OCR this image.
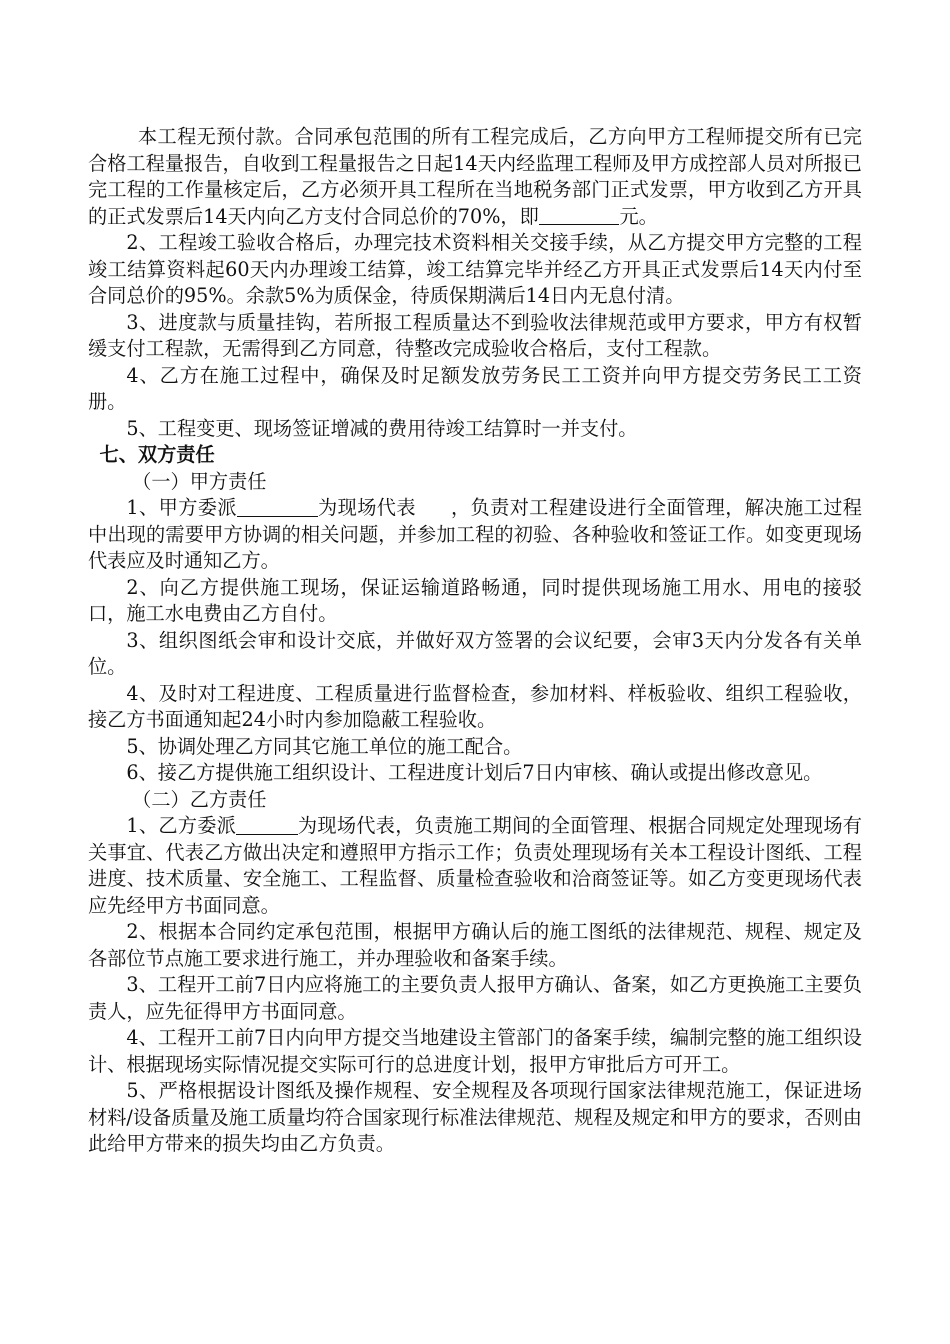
本工程无预付款。合同承包范围的所有工程完成后，乙方向甲方工程师提交所有已完合格工程量报告，自收到工程量报告之日起14天内经监理工程师及甲方成控部人员对所报已完工程的工作量核定后，乙方必须开具工程所在当地税务部门正式发票，甲方收到乙方开具的正式发票后14天内向乙方支付合同总价的70%，即	元。

2、工程竣工验收合格后，办理完技术资料相关交接手续，从乙方提交甲方完整的工程竣工结算资料起60天内办理竣工结算，竣工结算完毕并经乙方开具正式发票后14天内付至合同总价的95%。余款5%为质保金，待质保期满后14日内无息付清。

3、进度款与质量挂钩，若所报工程质量达不到验收法律规范或甲方要求，甲方有权暂缓支付工程款，无需得到乙方同意，待整改完成验收合格后，支付工程款。

4、乙方在施工过程中，确保及时足额发放劳务民工工资并向甲方提交劳务民工工资册。

5、工程变更、现场签证增减的费用待竣工结算时一并支付。

七、双方责任

（一）甲方责任

1、甲方委派	为现场代表 ，负责对工程建设进行全面管理，解决施工过程中出现的需要甲方协调的相关问题，并参加工程的初验、各种验收和签证工作。如变更现场代表应及时通知乙方。

2、向乙方提供施工现场，保证运输道路畅通，同时提供现场施工用水、用电的接驳口，施工水电费由乙方自付。

3、组织图纸会审和设计交底，并做好双方签署的会议纪要，会审3天内分发各有关单位。

4、及时对工程进度、工程质量进行监督检查，参加材料、样板验收、组织工程验收，接乙方书面通知起24小时内参加隐蔽工程验收。

5、协调处理乙方同其它施工单位的施工配合。

6、接乙方提供施工组织设计、工程进度计划后7日内审核、确认或提出修改意见。

（二）乙方责任

1、乙方委派	为现场代表，负责施工期间的全面管理、根据合同规定处理现场有关事宜、代表乙方做出决定和遵照甲方指示工作；负责处理现场有关本工程设计图纸、工程进度、技术质量、安全施工、工程监督、质量检查验收和洽商签证等。如乙方变更现场代表应先经甲方书面同意。

2、根据本合同约定承包范围，根据甲方确认后的施工图纸的法律规范、规程、规定及各部位节点施工要求进行施工，并办理验收和备案手续。

3、工程开工前7日内应将施工的主要负责人报甲方确认、备案，如乙方更换施工主要负责人，应先征得甲方书面同意。

4、工程开工前7日内向甲方提交当地建设主管部门的备案手续，编制完整的施工组织设计、根据现场实际情况提交实际可行的总进度计划，报甲方审批后方可开工。

5、严格根据设计图纸及操作规程、安全规程及各项现行国家法律规范施工，保证进场材料/设备质量及施工质量均符合国家现行标准法律规范、规程及规定和甲方的要求，否则由此给甲方带来的损失均由乙方负责。
